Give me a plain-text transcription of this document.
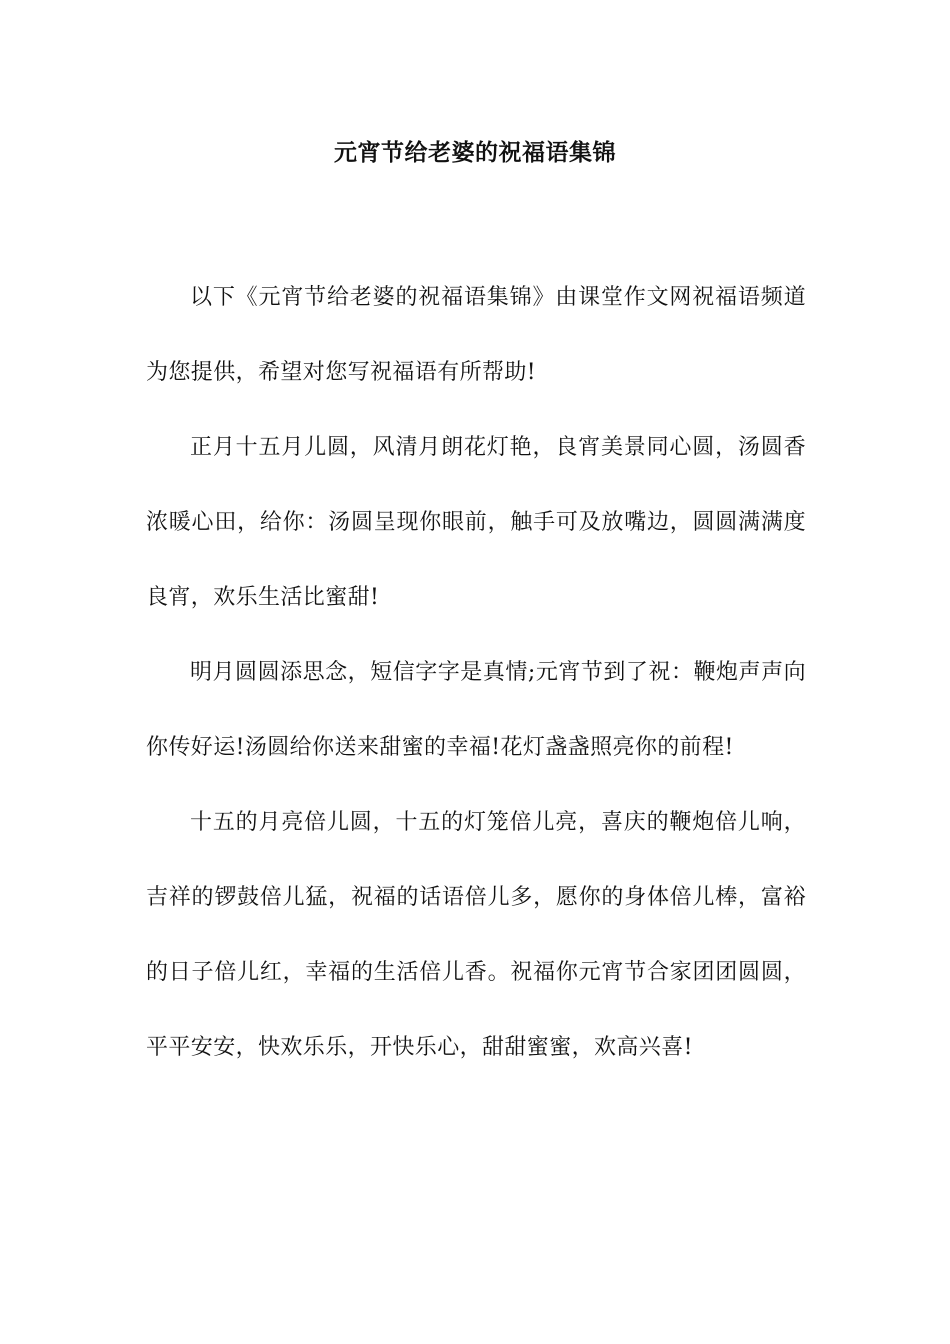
元宵节给老婆的祝福语集锦

以下《元宵节给老婆的祝福语集锦》由课堂作文网祝福语频道为您提供，希望对您写祝福语有所帮助!

正月十五月儿圆，风清月朗花灯艳，良宵美景同心圆，汤圆香浓暖心田，给你：汤圆呈现你眼前，触手可及放嘴边，圆圆满满度良宵，欢乐生活比蜜甜!

明月圆圆添思念，短信字字是真情;元宵节到了祝：鞭炮声声向你传好运!汤圆给你送来甜蜜的幸福!花灯盏盏照亮你的前程!

十五的月亮倍儿圆，十五的灯笼倍儿亮，喜庆的鞭炮倍儿响，吉祥的锣鼓倍儿猛，祝福的话语倍儿多，愿你的身体倍儿棒，富裕的日子倍儿红，幸福的生活倍儿香。祝福你元宵节合家团团圆圆，平平安安，快欢乐乐，开快乐心，甜甜蜜蜜，欢高兴喜!
